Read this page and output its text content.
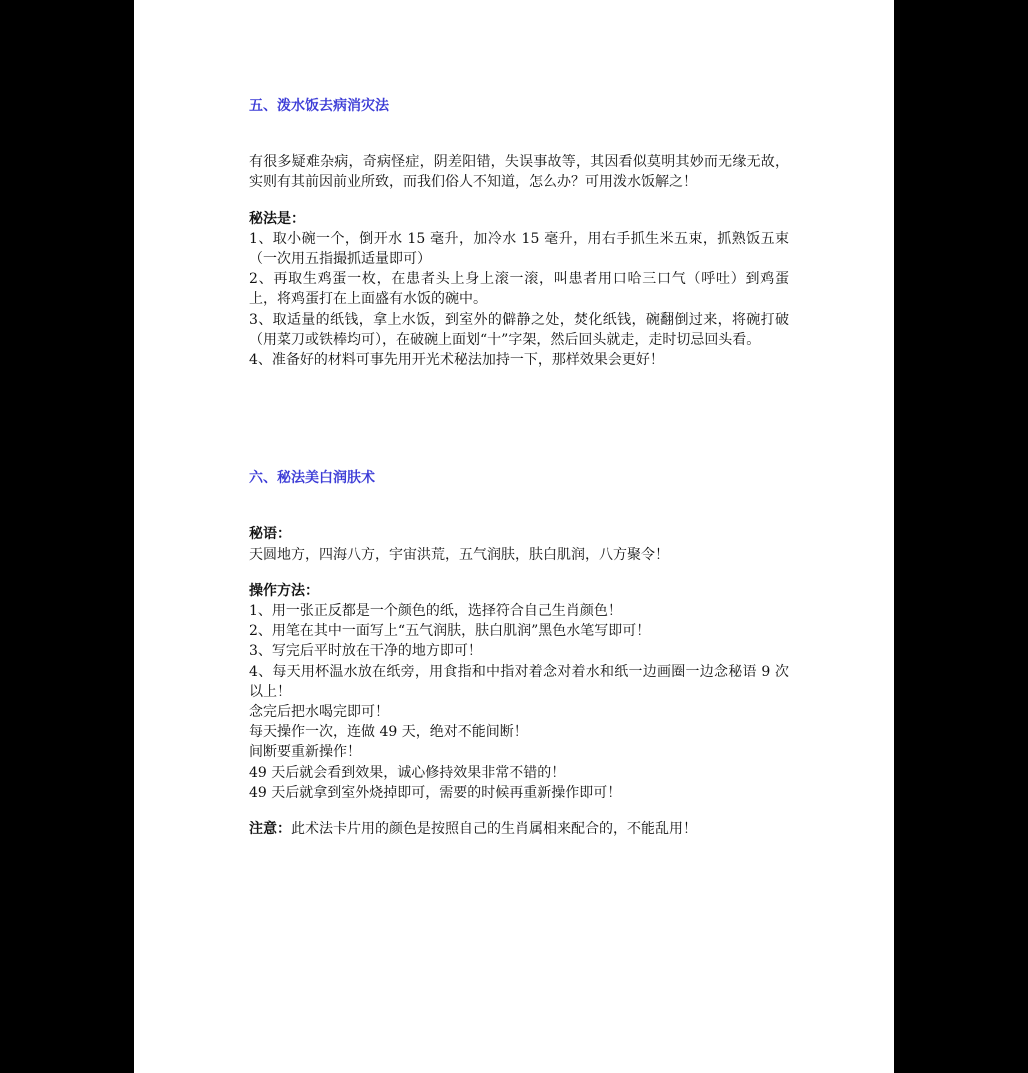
五、泼水饭去病消灾法

有很多疑难杂病，奇病怪症，阴差阳错，失误事故等，其因看似莫明其妙而无缘无故，实则有其前因前业所致，而我们俗人不知道，怎么办？可用泼水饭解之！

秘法是：

1、取小碗一个，倒开水 15 毫升，加冷水 15 毫升，用右手抓生米五束，抓熟饭五束（一次用五指撮抓适量即可）

2、再取生鸡蛋一枚，在患者头上身上滚一滚，叫患者用口哈三口气（呼吐）到鸡蛋上，将鸡蛋打在上面盛有水饭的碗中。

3、取适量的纸钱，拿上水饭，到室外的僻静之处，焚化纸钱，碗翻倒过来，将碗打破（用菜刀或铁棒均可），在破碗上面划“十”字架，然后回头就走，走时切忌回头看。

4、准备好的材料可事先用开光术秘法加持一下，那样效果会更好！

六、秘法美白润肤术

秘语：

天圆地方，四海八方，宇宙洪荒，五气润肤，肤白肌润，八方聚令！

操作方法：

1、用一张正反都是一个颜色的纸，选择符合自己生肖颜色！

2、用笔在其中一面写上“五气润肤，肤白肌润”黑色水笔写即可！

3、写完后平时放在干净的地方即可！

4、每天用杯温水放在纸旁，用食指和中指对着念对着水和纸一边画圈一边念秘语 9 次以上！

念完后把水喝完即可！

每天操作一次，连做 49 天，绝对不能间断！

间断要重新操作！

49 天后就会看到效果，诚心修持效果非常不错的！

49 天后就拿到室外烧掉即可，需要的时候再重新操作即可！

注意：此术法卡片用的颜色是按照自己的生肖属相来配合的，不能乱用！
